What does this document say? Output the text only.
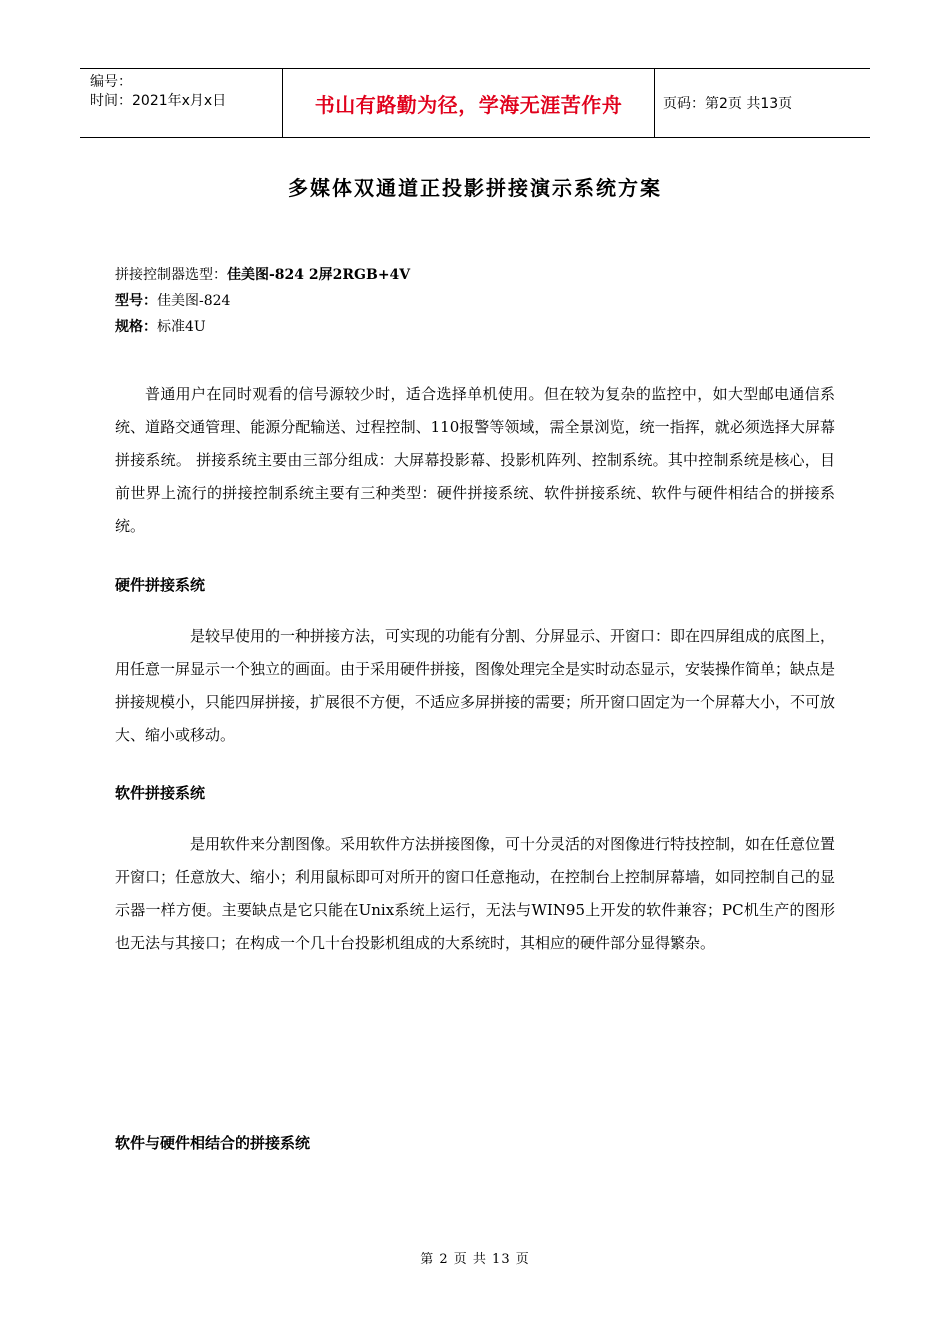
编号：
时间：2021年x月x日	书山有路勤为径，学海无涯苦作舟	页码：第2页 共13页
多媒体双通道正投影拼接演示系统方案
拼接控制器选型：佳美图-824 2屏2RGB+4V
型号：佳美图-824
规格：标准4U
普通用户在同时观看的信号源较少时，适合选择单机使用。但在较为复杂的监控中，如大型邮电通信系统、道路交通管理、能源分配输送、过程控制、110报警等领域，需全景浏览，统一指挥，就必须选择大屏幕拼接系统。 拼接系统主要由三部分组成：大屏幕投影幕、投影机阵列、控制系统。其中控制系统是核心，目前世界上流行的拼接控制系统主要有三种类型：硬件拼接系统、软件拼接系统、软件与硬件相结合的拼接系统。
硬件拼接系统
是较早使用的一种拼接方法，可实现的功能有分割、分屏显示、开窗口：即在四屏组成的底图上，用任意一屏显示一个独立的画面。由于采用硬件拼接，图像处理完全是实时动态显示，安装操作简单；缺点是拼接规模小，只能四屏拼接，扩展很不方便，不适应多屏拼接的需要；所开窗口固定为一个屏幕大小，不可放大、缩小或移动。
软件拼接系统
是用软件来分割图像。采用软件方法拼接图像，可十分灵活的对图像进行特技控制，如在任意位置开窗口；任意放大、缩小；利用鼠标即可对所开的窗口任意拖动，在控制台上控制屏幕墙，如同控制自己的显示器一样方便。主要缺点是它只能在Unix系统上运行，无法与WIN95上开发的软件兼容；PC机生产的图形也无法与其接口；在构成一个几十台投影机组成的大系统时，其相应的硬件部分显得繁杂。
软件与硬件相结合的拼接系统
第 2 页 共 13 页
